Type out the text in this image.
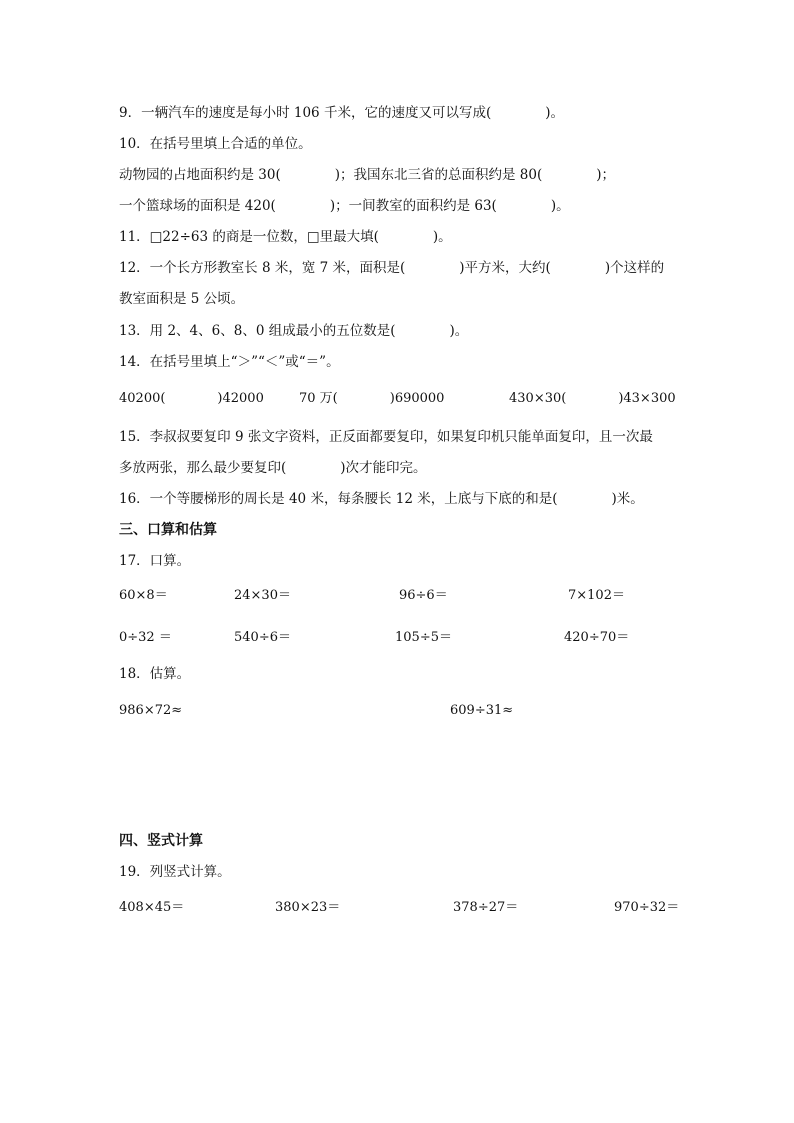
9．一辆汽车的速度是每小时 106 千米，它的速度又可以写成(　　　　)。
10．在括号里填上合适的单位。
动物园的占地面积约是 30(　　　　)；我国东北三省的总面积约是 80(　　　　)；
一个篮球场的面积是 420(　　　　)；一间教室的面积约是 63(　　　　)。
11．□22÷63 的商是一位数，□里最大填(　　　　)。
12．一个长方形教室长 8 米，宽 7 米，面积是(　　　　)平方米，大约(　　　　)个这样的
教室面积是 5 公顷。
13．用 2、4、6、8、0 组成最小的五位数是(　　　　)。
14．在括号里填上“＞”“＜”或“＝”。
40200(　　　　)42000	70 万(　　　　)690000	430×30(　　　　)43×300
15．李叔叔要复印 9 张文字资料，正反面都要复印，如果复印机只能单面复印，且一次最
多放两张，那么最少要复印(　　　　)次才能印完。
16．一个等腰梯形的周长是 40 米，每条腰长 12 米，上底与下底的和是(　　　　)米。
三、口算和估算
17．口算。
60×8＝	24×30＝	96÷6＝	7×102＝
0÷32 ＝	540÷6＝	105÷5＝	420÷70＝
18．估算。
986×72≈	609÷31≈
四、竖式计算
19．列竖式计算。
408×45＝	380×23＝	378÷27＝	970÷32＝
